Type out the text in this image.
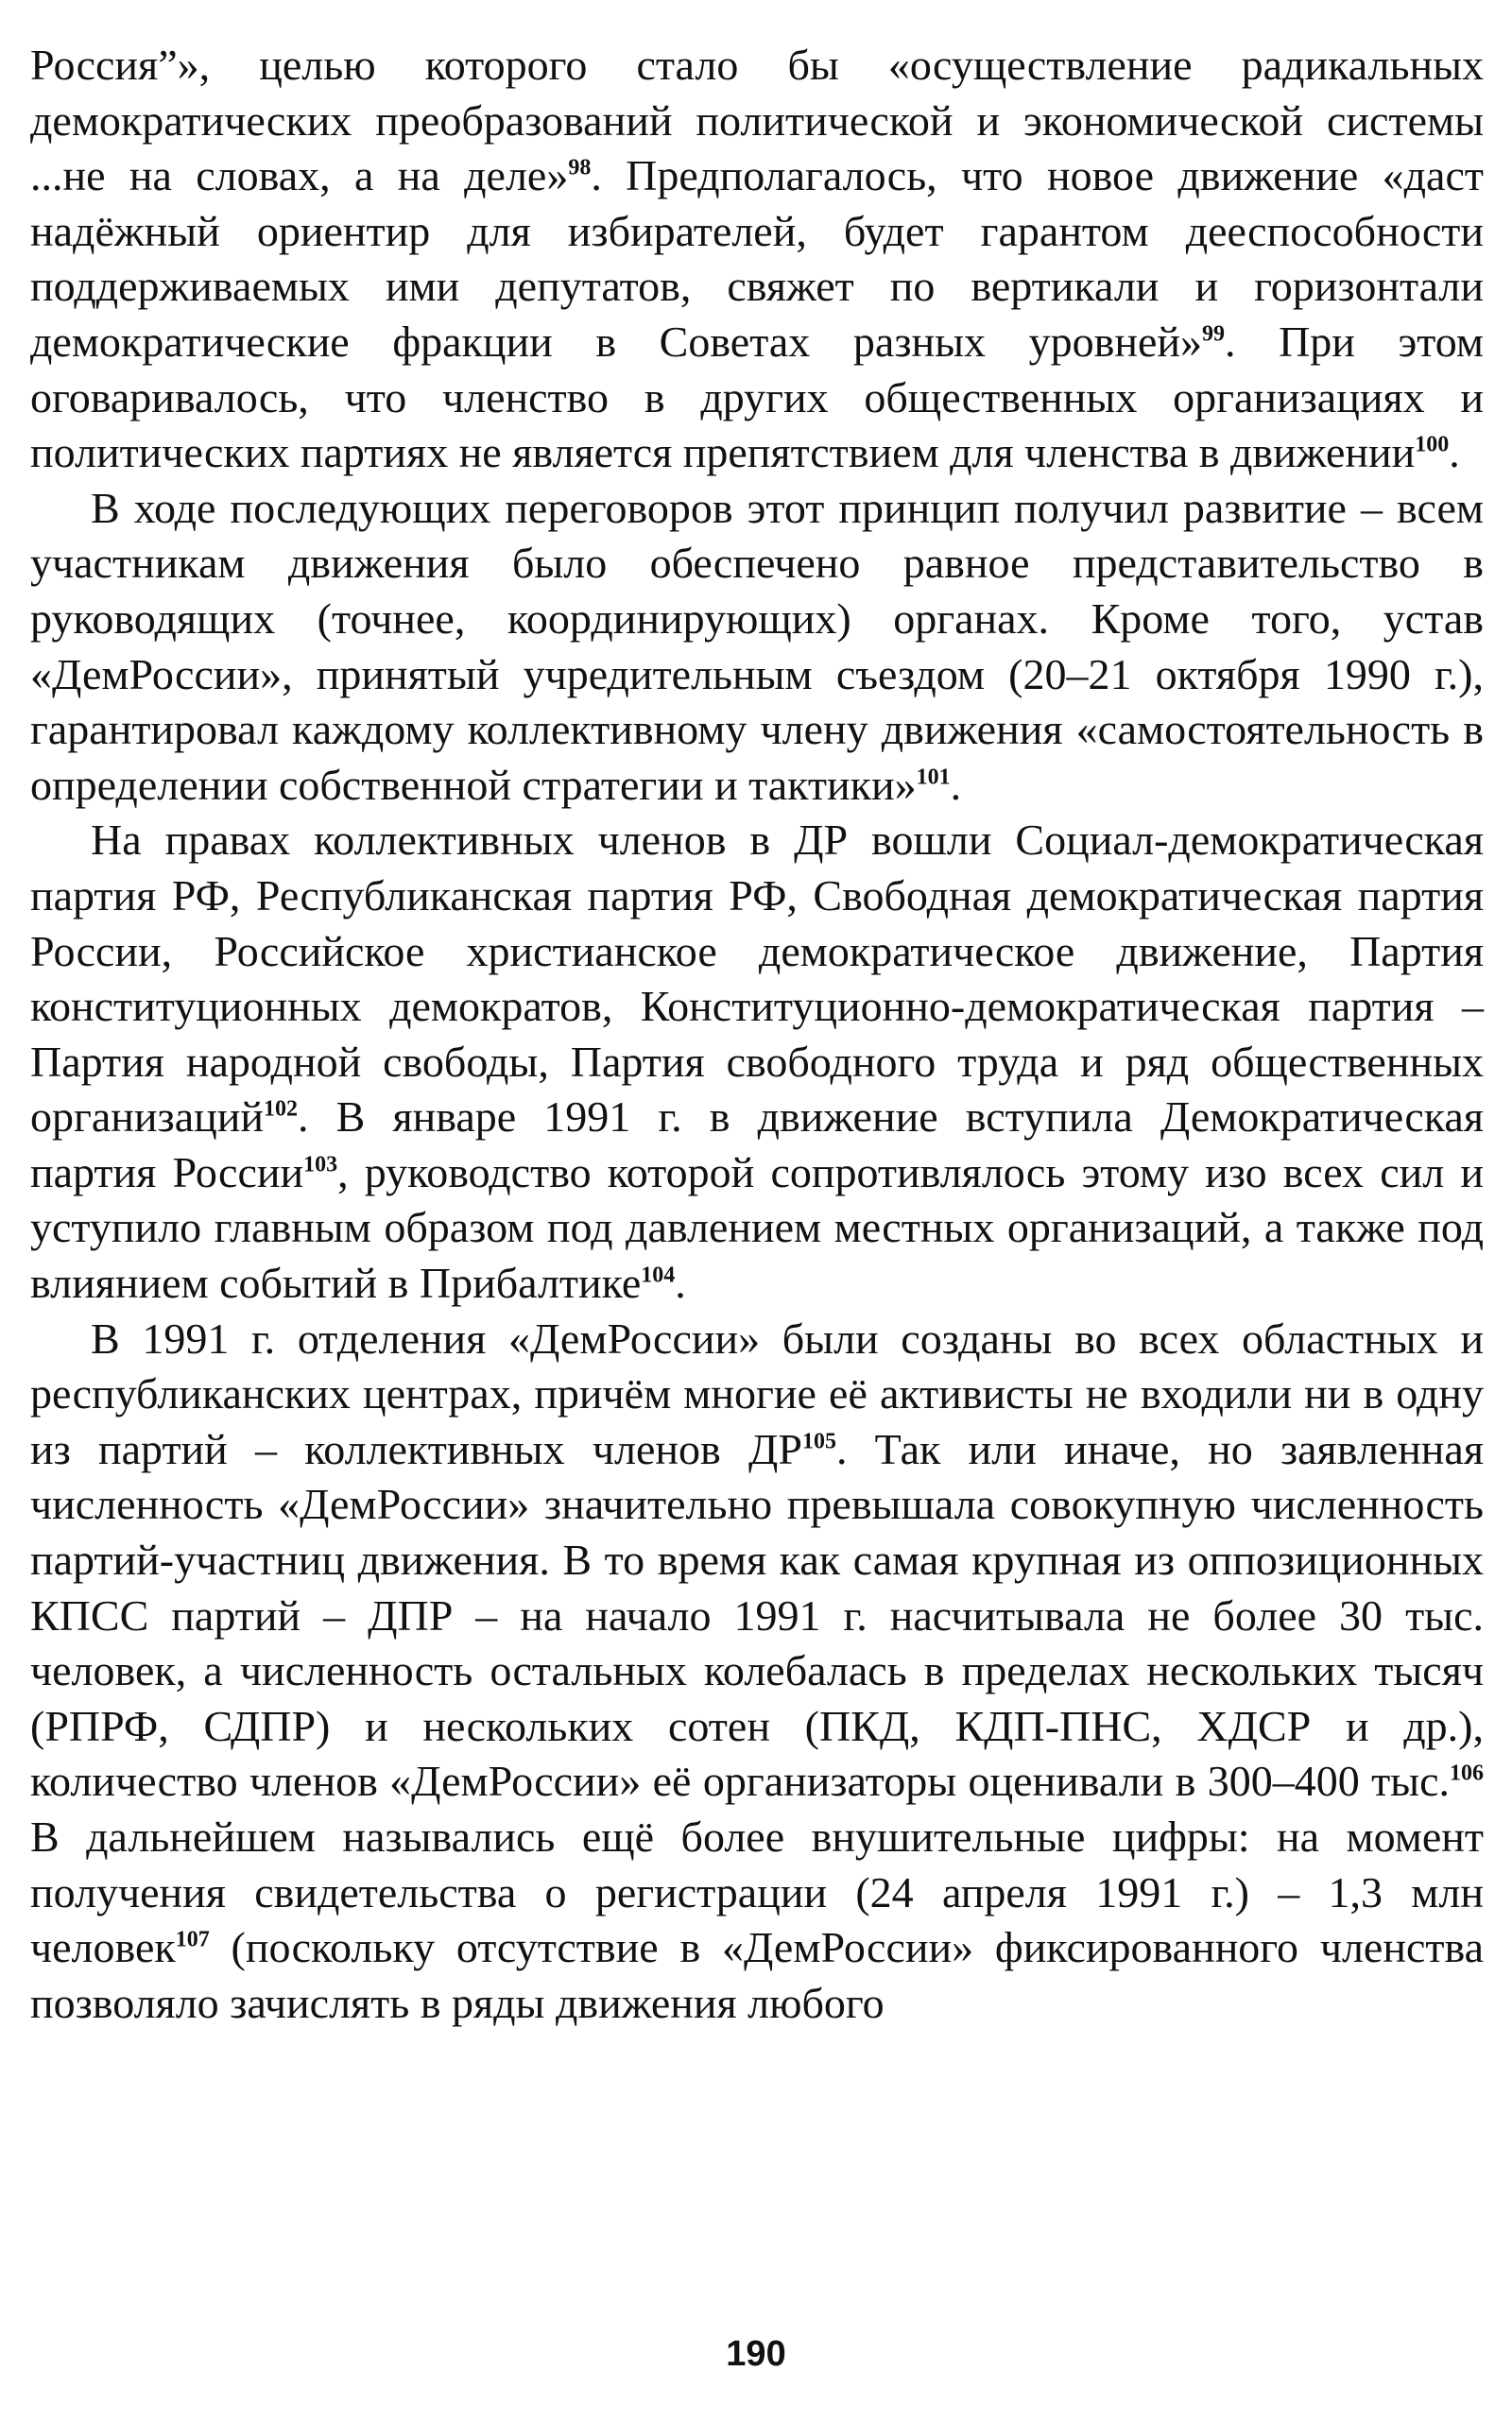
Россия”», целью которого стало бы «осуществление радикальных демократических преобразований политической и экономической системы ...не на словах, а на деле»$^{98}$. Предполагалось, что новое движение «даст надёжный ориентир для избирателей, будет гарантом дееспособности поддерживаемых ими депутатов, свяжет по вертикали и горизонтали демократические фракции в Советах разных уровней»$^{99}$. При этом оговаривалось, что членство в других общественных организациях и политических партиях не является препятствием для членства в движении$^{100}$.

В ходе последующих переговоров этот принцип получил развитие – всем участникам движения было обеспечено равное представительство в руководящих (точнее, координирующих) органах. Кроме того, устав «ДемРоссии», принятый учредительным съездом (20–21 октября 1990 г.), гарантировал каждому коллективному члену движения «самостоятельность в определении собственной стратегии и тактики»$^{101}$.

На правах коллективных членов в ДР вошли Социал-демократическая партия РФ, Республиканская партия РФ, Свободная демократическая партия России, Российское христианское демократическое движение, Партия конституционных демократов, Конституционно-демократическая партия – Партия народной свободы, Партия свободного труда и ряд общественных организаций$^{102}$. В январе 1991 г. в движение вступила Демократическая партия России$^{103}$, руководство которой сопротивлялось этому изо всех сил и уступило главным образом под давлением местных организаций, а также под влиянием событий в Прибалтике$^{104}$.

В 1991 г. отделения «ДемРоссии» были созданы во всех областных и республиканских центрах, причём многие её активисты не входили ни в одну из партий – коллективных членов ДР$^{105}$. Так или иначе, но заявленная численность «ДемРоссии» значительно превышала совокупную численность партий-участниц движения. В то время как самая крупная из оппозиционных КПСС партий – ДПР – на начало 1991 г. насчитывала не более 30 тыс. человек, а численность остальных колебалась в пределах нескольких тысяч (РПРФ, СДПР) и нескольких сотен (ПКД, КДП-ПНС, ХДСР и др.), количество членов «ДемРоссии» её организаторы оценивали в 300–400 тыс.$^{106}$ В дальнейшем назывались ещё более внушительные цифры: на момент получения свидетельства о регистрации (24 апреля 1991 г.) – 1,3 млн человек$^{107}$ (поскольку отсутствие в «ДемРоссии» фиксированного членства позволяло зачислять в ряды движения любого

190
